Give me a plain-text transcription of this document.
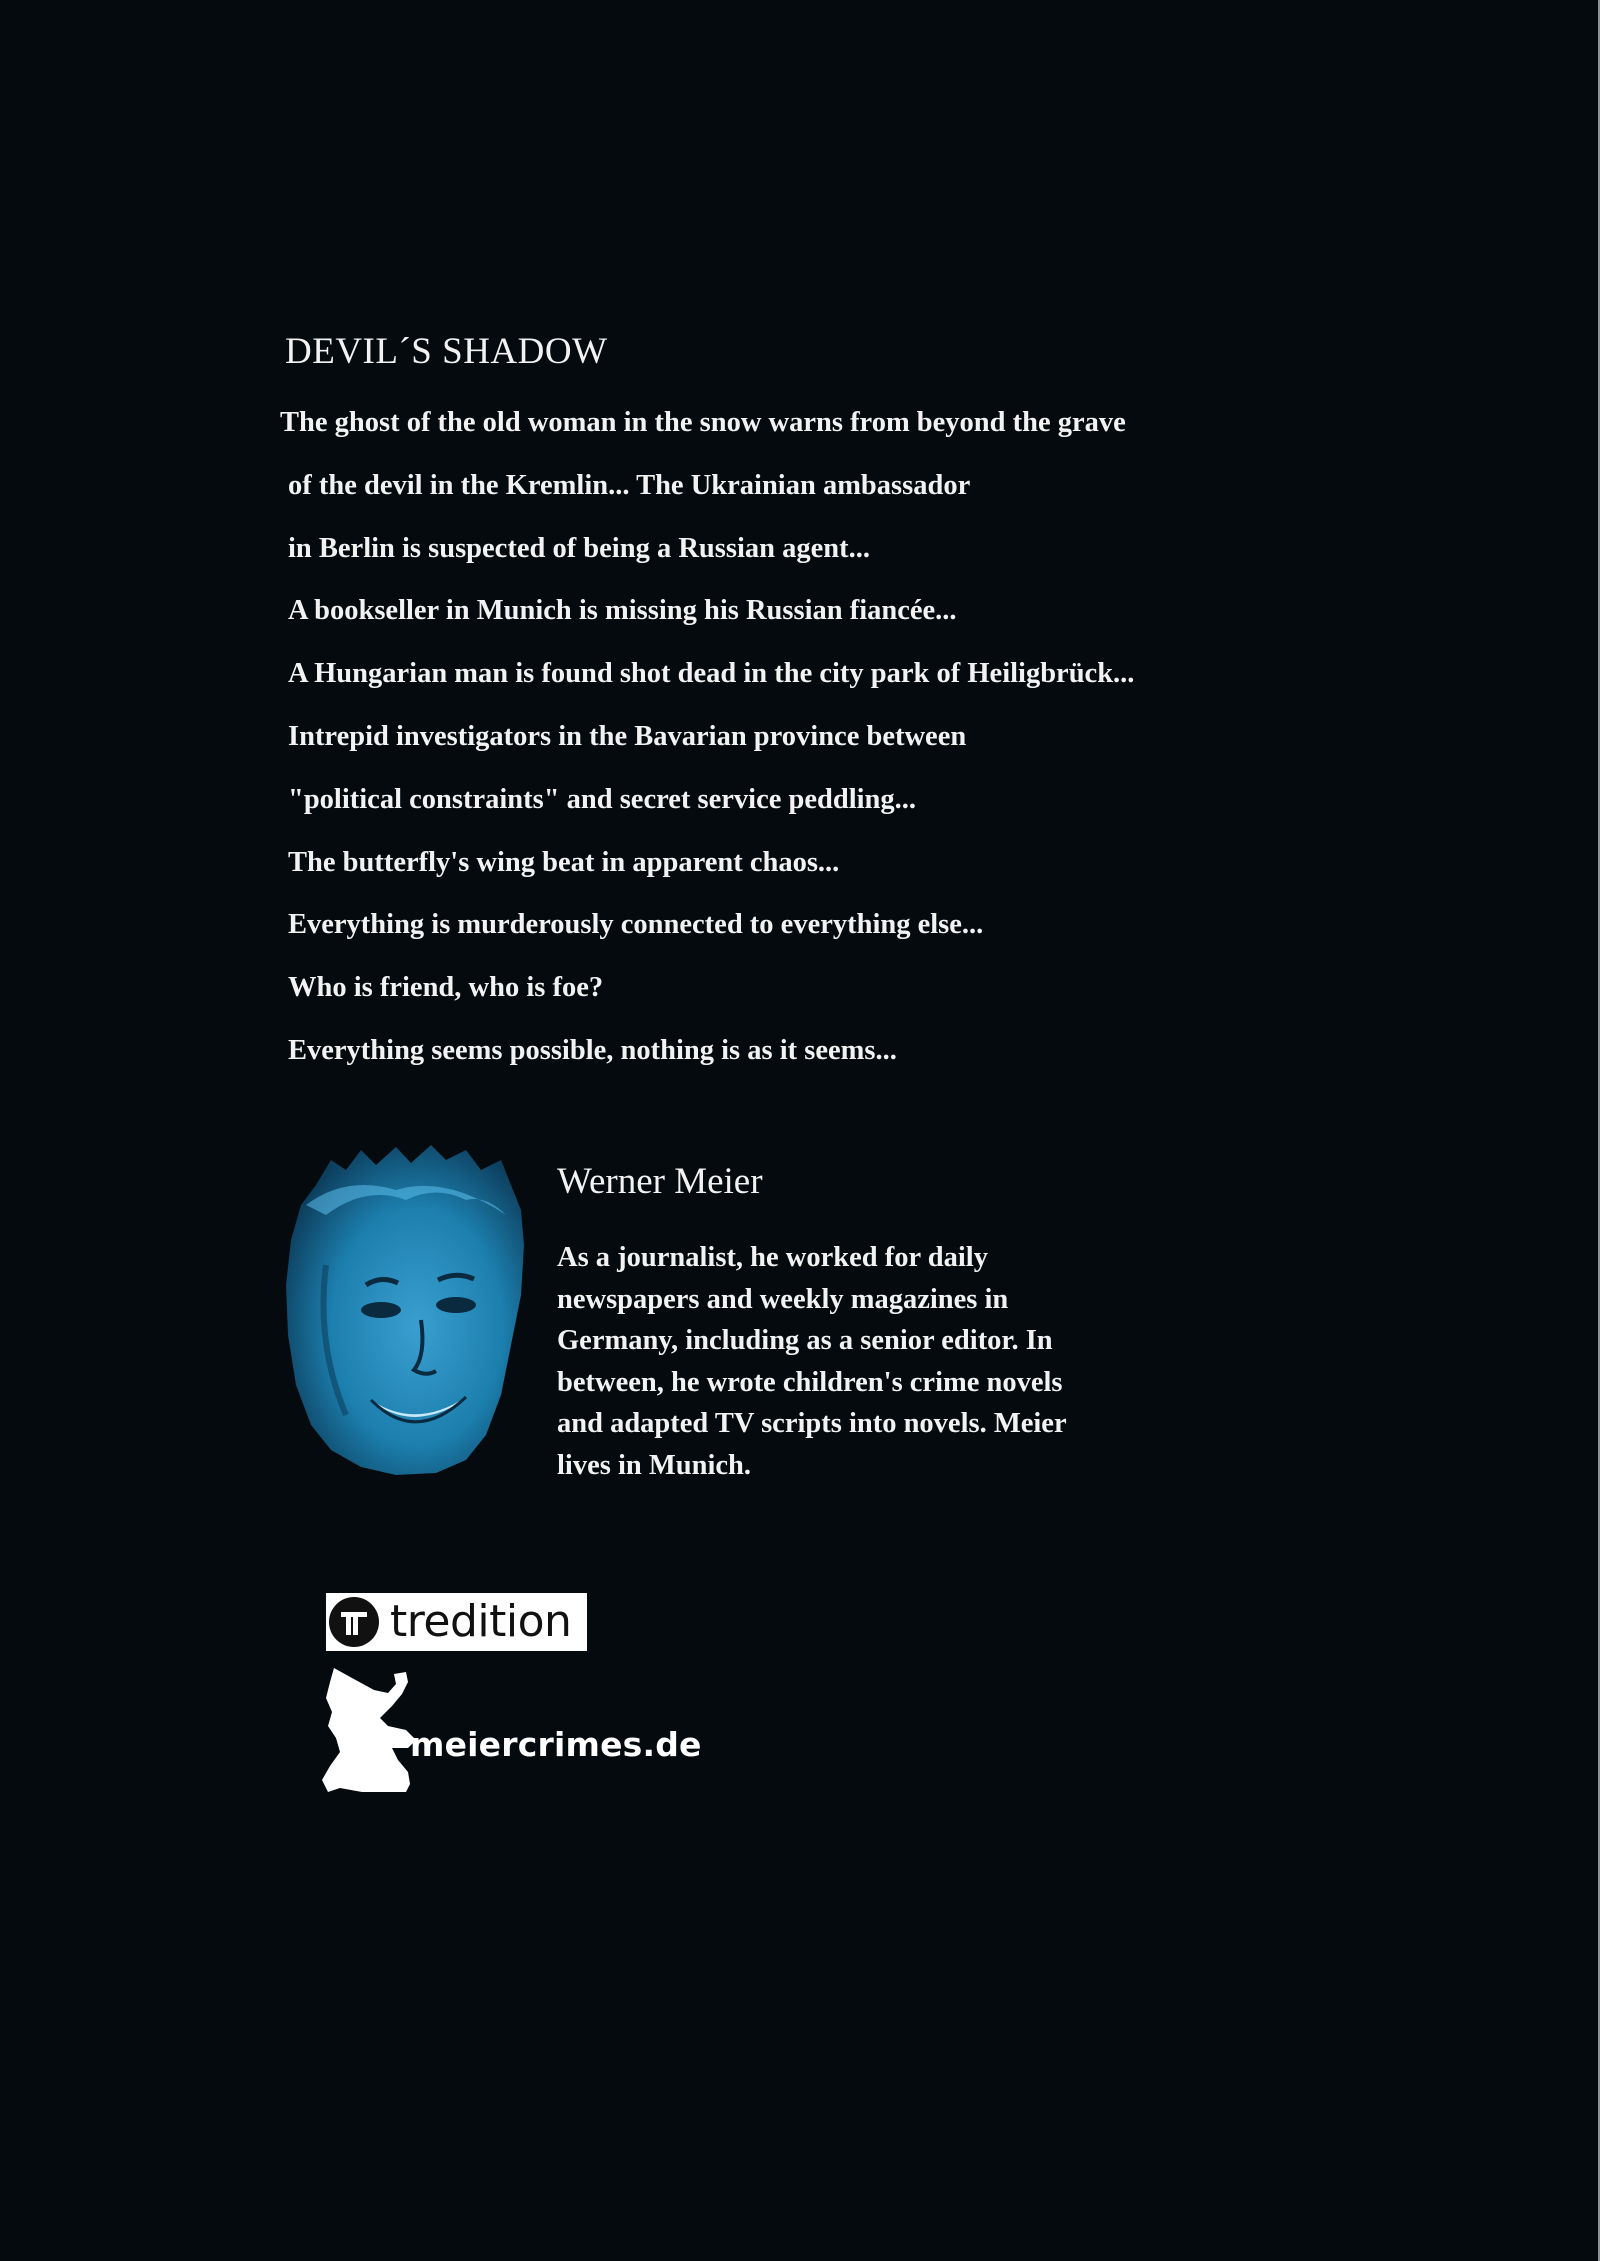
DEVIL´S SHADOW
The ghost of the old woman in the snow warns from beyond the grave
of the devil in the Kremlin... The Ukrainian ambassador
in Berlin is suspected of being a Russian agent...
A bookseller in Munich is missing his Russian fiancée...
A Hungarian man is found shot dead in the city park of Heiligbrück...
Intrepid investigators in the Bavarian province between
"political constraints" and secret service peddling...
The butterfly's wing beat in apparent chaos...
Everything is murderously connected to everything else...
Who is friend, who is foe?
Everything seems possible, nothing is as it seems...
Werner Meier

As a journalist, he worked for daily
newspapers and weekly magazines in
Germany, including as a senior editor. In
between, he wrote children's crime novels
and adapted TV scripts into novels. Meier
lives in Munich.

tredition
meiercrimes.de
